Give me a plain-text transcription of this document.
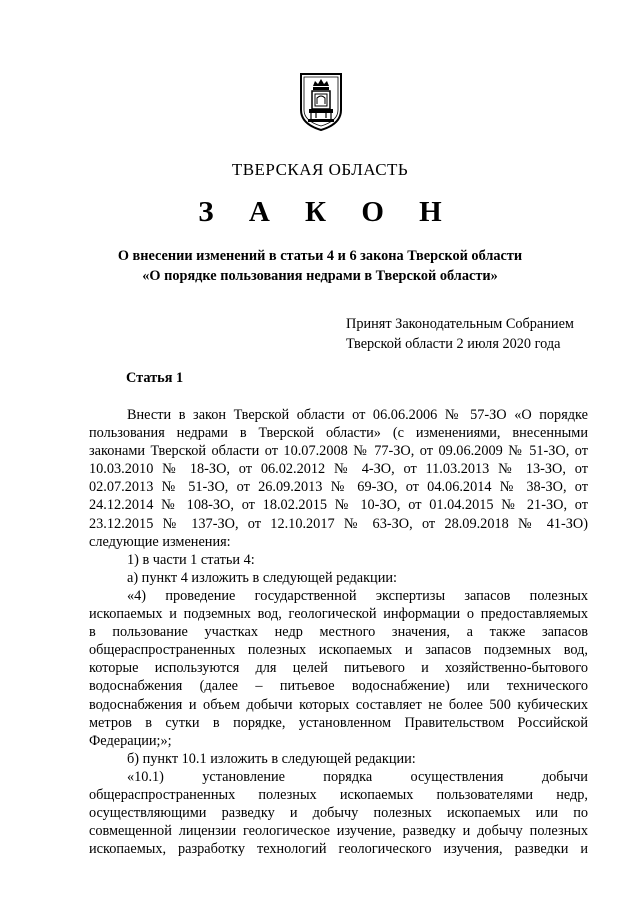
ТВЕРСКАЯ ОБЛАСТЬ
З А К О Н
О внесении изменений в статьи 4 и 6 закона Тверской области
«О порядке пользования недрами в Тверской области»
Принят Законодательным Собранием
Тверской области 2 июля 2020 года
Статья 1
Внести в закон Тверской области от 06.06.2006 № 57-ЗО «О порядке
пользования недрами в Тверской области» (с изменениями, внесенными
законами Тверской области от 10.07.2008 № 77-ЗО, от 09.06.2009 № 51-ЗО, от
10.03.2010 № 18-ЗО, от 06.02.2012 № 4-ЗО, от 11.03.2013 № 13-ЗО, от
02.07.2013 № 51-ЗО, от 26.09.2013 № 69-ЗО, от 04.06.2014 № 38-ЗО, от
24.12.2014 № 108-ЗО, от 18.02.2015 № 10-ЗО, от 01.04.2015 № 21-ЗО, от
23.12.2015 № 137-ЗО, от 12.10.2017 № 63-ЗО, от 28.09.2018 № 41-ЗО)
следующие изменения:
1) в части 1 статьи 4:
а) пункт 4 изложить в следующей редакции:
«4) проведение государственной экспертизы запасов полезных
ископаемых и подземных вод, геологической информации о предоставляемых
в пользование участках недр местного значения, а также запасов
общераспространенных полезных ископаемых и запасов подземных вод,
которые используются для целей питьевого и хозяйственно-бытового
водоснабжения (далее – питьевое водоснабжение) или технического
водоснабжения и объем добычи которых составляет не более 500 кубических
метров в сутки в порядке, установленном Правительством Российской
Федерации;»;
б) пункт 10.1 изложить в следующей редакции:
«10.1)	установление	порядка	осуществления	добычи
общераспространенных полезных ископаемых пользователями недр,
осуществляющими разведку и добычу полезных ископаемых или по
совмещенной лицензии геологическое изучение, разведку и добычу полезных
ископаемых, разработку технологий геологического изучения, разведки и
